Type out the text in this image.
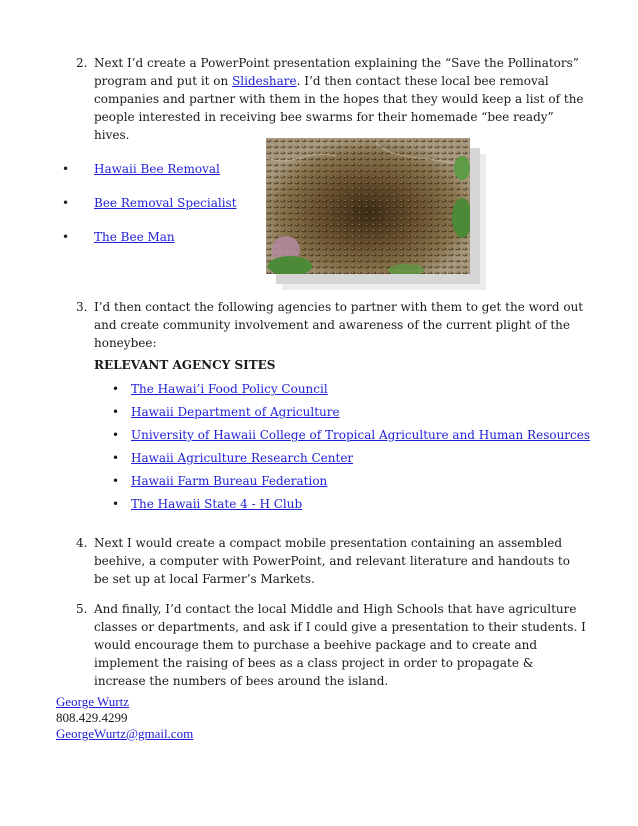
2. Next I’d create a PowerPoint presentation explaining the “Save the Pollinators” program and put it on Slideshare. I’d then contact these local bee removal companies and partner with them in the hopes that they would keep a list of the people interested in receiving bee swarms for their homemade “bee ready” hives.
• Hawaii Bee Removal
• Bee Removal Specialist
• The Bee Man
3. I’d then contact the following agencies to partner with them to get the word out and create community involvement and awareness of the current plight of the honeybee:
RELEVANT AGENCY SITES
• The Hawai’i Food Policy Council
• Hawaii Department of Agriculture
• University of Hawaii College of Tropical Agriculture and Human Resources
• Hawaii Agriculture Research Center
• Hawaii Farm Bureau Federation
• The Hawaii State 4 - H Club
4. Next I would create a compact mobile presentation containing an assembled beehive, a computer with PowerPoint, and relevant literature and handouts to be set up at local Farmer’s Markets.
5. And finally, I’d contact the local Middle and High Schools that have agriculture classes or departments, and ask if I could give a presentation to their students. I would encourage them to purchase a beehive package and to create and implement the raising of bees as a class project in order to propagate & increase the numbers of bees around the island.
George Wurtz
808.429.4299
GeorgeWurtz@gmail.com
